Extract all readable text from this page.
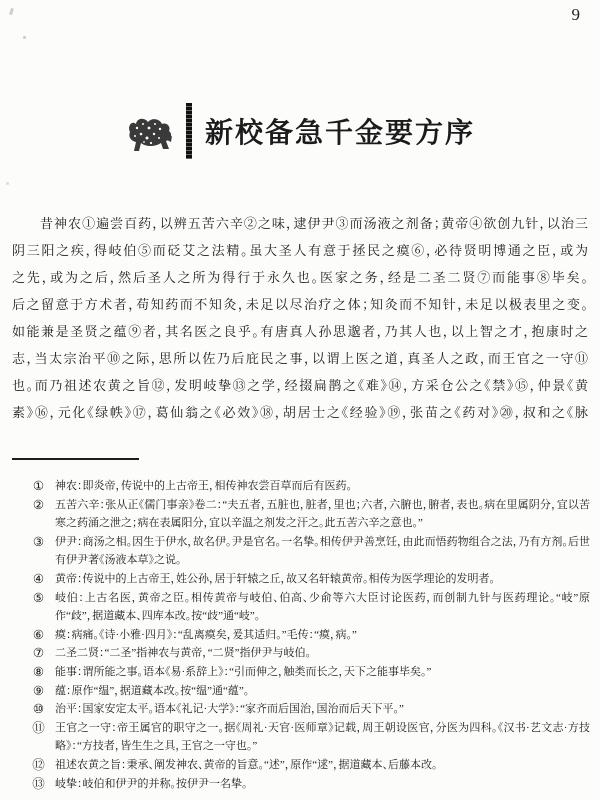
9
新校备急千金要方序
昔神农①遍尝百药，以辨五苦六辛②之味，逮伊尹③而汤液之剂备；黄帝④欲创九针，以治三
阴三阳之疾，得岐伯⑤而砭艾之法精。虽大圣人有意于拯民之瘼⑥，必待贤明博通之臣，或为
之先，或为之后，然后圣人之所为得行于永久也。医家之务，经是二圣二贤⑦而能事⑧毕矣。
后之留意于方术者，苟知药而不知灸，未足以尽治疗之体；知灸而不知针，未足以极表里之变。
如能兼是圣贤之蕴⑨者，其名医之良乎。有唐真人孙思邈者，乃其人也，以上智之才，抱康时之
志，当太宗治平⑩之际，思所以佐乃后庇民之事，以谓上医之道，真圣人之政，而王官之一守⑪
也。而乃祖述农黄之旨⑫，发明岐挚⑬之学，经掇扁鹊之《难》⑭，方采仓公之《禁》⑮，仲景《黄
素》⑯，元化《绿帙》⑰，葛仙翁之《必效》⑱，胡居士之《经验》⑲，张苗之《药对》⑳，叔和之《脉
① 神农：即炎帝，传说中的上古帝王，相传神农尝百草而后有医药。
② 五苦六辛：张从正《儒门事亲》卷二：“夫五者，五脏也，脏者，里也；六者，六腑也，腑者，表也。病在里属阴分，宜以苦寒之药涌之泄之；病在表属阳分，宜以辛温之剂发之汗之。此五苦六辛之意也。”
③ 伊尹：商汤之相。因生于伊水，故名伊。尹是官名。一名挚。相传伊尹善烹饪，由此而悟药物组合之法，乃有方剂。后世有伊尹著《汤液本草》之说。
④ 黄帝：传说中的上古帝王，姓公孙，居于轩辕之丘，故又名轩辕黄帝。相传为医学理论的发明者。
⑤ 岐伯：上古名医，黄帝之臣。相传黄帝与岐伯、伯高、少俞等六大臣讨论医药，而创制九针与医药理论。“岐”原作“歧”，据道藏本、四库本改。按“歧”通“岐”。
⑥ 瘼：病痛。《诗·小雅·四月》：“乱离瘼矣，爰其适归。”毛传：“瘼，病。”
⑦ 二圣二贤：“二圣”指神农与黄帝，“二贤”指伊尹与岐伯。
⑧ 能事：谓所能之事。语本《易·系辞上》：“引而伸之，触类而长之，天下之能事毕矣。”
⑨ 蕴：原作“缊”，据道藏本改。按“缊”通“蕴”。
⑩ 治平：国家安定太平。语本《礼记·大学》：“家齐而后国治，国治而后天下平。”
⑪ 王官之一守：帝王属官的职守之一。据《周礼·天官·医师章》记载，周王朝设医官，分医为四科。《汉书·艺文志·方技略》：“方技者，皆生生之具，王官之一守也。”
⑫ 祖述农黄之旨：秉承、阐发神农、黄帝的旨意。“述”，原作“逑”，据道藏本、后藤本改。
⑬ 岐挚：岐伯和伊尹的并称。按伊尹一名挚。
